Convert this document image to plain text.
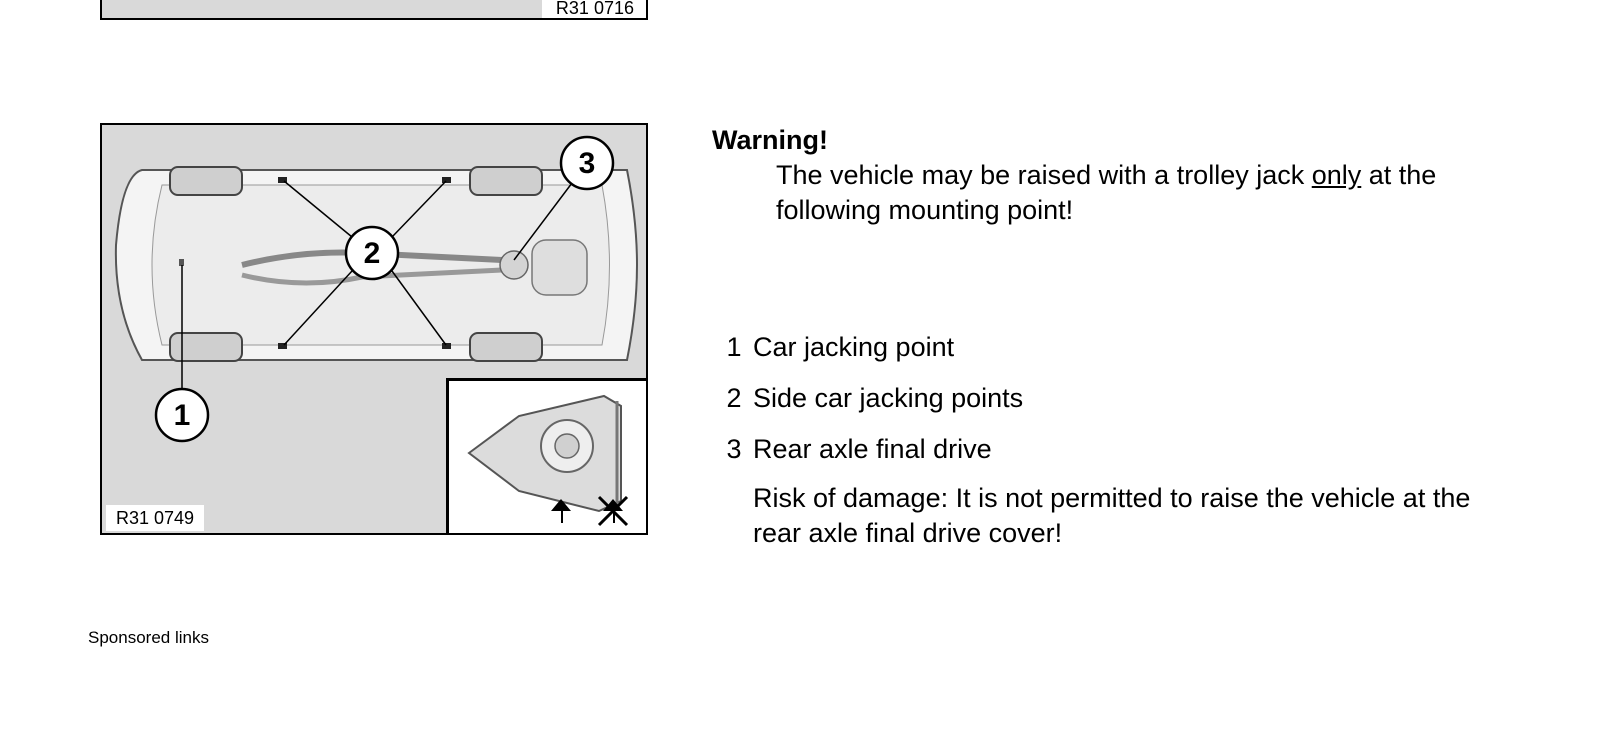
R31 0716
1
2
3
R31 0749

Warning!

The vehicle may be raised with a trolley jack only at the following mounting point!

1 Car jacking point
2 Side car jacking points
3 Rear axle final drive

Risk of damage: It is not permitted to raise the vehicle at the rear axle final drive cover!

Sponsored links
